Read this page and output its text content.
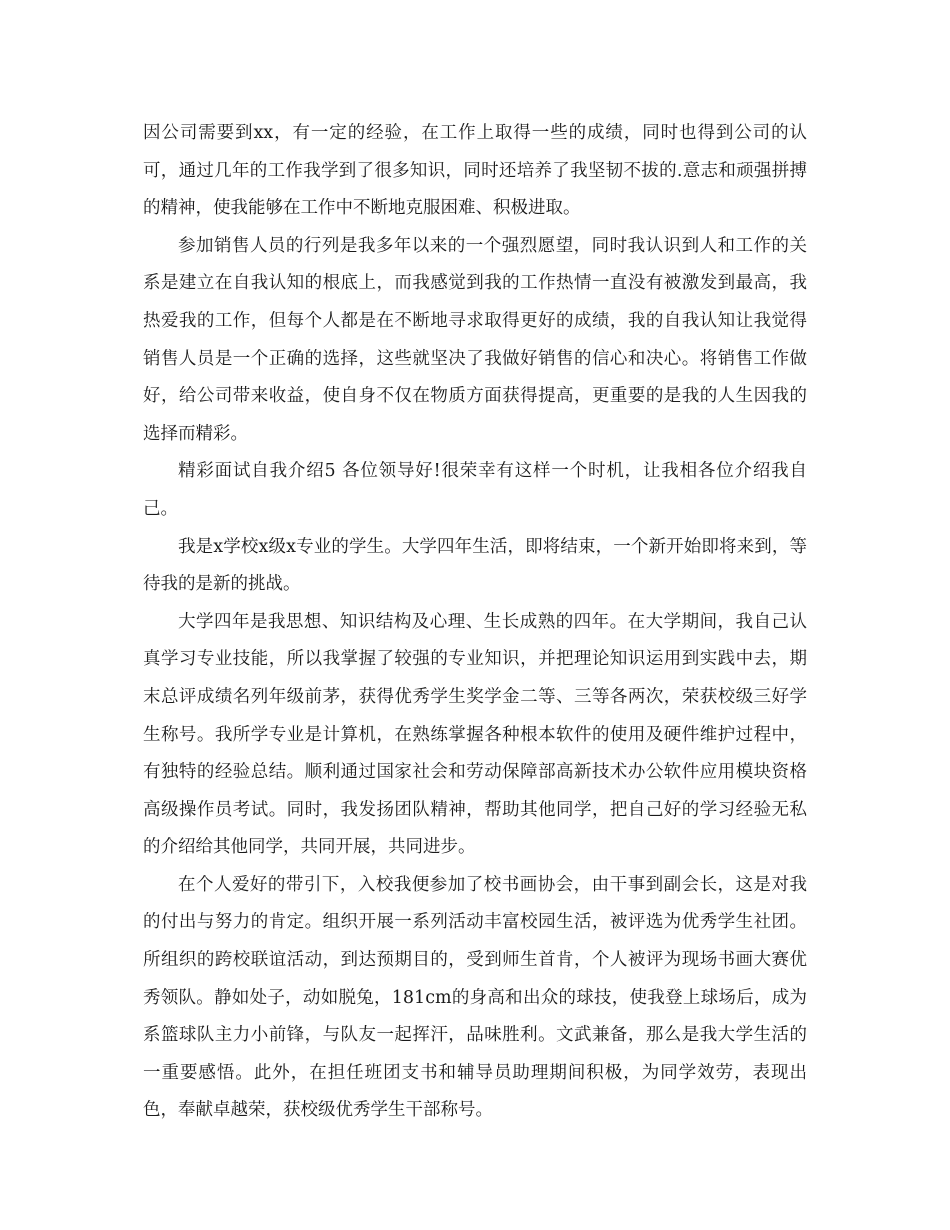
因公司需要到xx，有一定的经验，在工作上取得一些的成绩，同时也得到公司的认可，通过几年的工作我学到了很多知识，同时还培养了我坚韧不拔的.意志和顽强拼搏的精神，使我能够在工作中不断地克服困难、积极进取。

参加销售人员的行列是我多年以来的一个强烈愿望，同时我认识到人和工作的关系是建立在自我认知的根底上，而我感觉到我的工作热情一直没有被激发到最高，我热爱我的工作，但每个人都是在不断地寻求取得更好的成绩，我的自我认知让我觉得销售人员是一个正确的选择，这些就坚决了我做好销售的信心和决心。将销售工作做好，给公司带来收益，使自身不仅在物质方面获得提高，更重要的是我的人生因我的选择而精彩。

精彩面试自我介绍5 各位领导好!很荣幸有这样一个时机，让我相各位介绍我自己。

我是x学校x级x专业的学生。大学四年生活，即将结束，一个新开始即将来到，等待我的是新的挑战。

大学四年是我思想、知识结构及心理、生长成熟的四年。在大学期间，我自己认真学习专业技能，所以我掌握了较强的专业知识，并把理论知识运用到实践中去，期末总评成绩名列年级前茅，获得优秀学生奖学金二等、三等各两次，荣获校级三好学生称号。我所学专业是计算机，在熟练掌握各种根本软件的使用及硬件维护过程中，有独特的经验总结。顺利通过国家社会和劳动保障部高新技术办公软件应用模块资格高级操作员考试。同时，我发扬团队精神，帮助其他同学，把自己好的学习经验无私的介绍给其他同学，共同开展，共同进步。

在个人爱好的带引下，入校我便参加了校书画协会，由干事到副会长，这是对我的付出与努力的肯定。组织开展一系列活动丰富校园生活，被评选为优秀学生社团。所组织的跨校联谊活动，到达预期目的，受到师生首肯，个人被评为现场书画大赛优秀领队。静如处子，动如脱兔，181cm的身高和出众的球技，使我登上球场后，成为系篮球队主力小前锋，与队友一起挥汗，品味胜利。文武兼备，那么是我大学生活的一重要感悟。此外，在担任班团支书和辅导员助理期间积极，为同学效劳，表现出色，奉献卓越荣，获校级优秀学生干部称号。
